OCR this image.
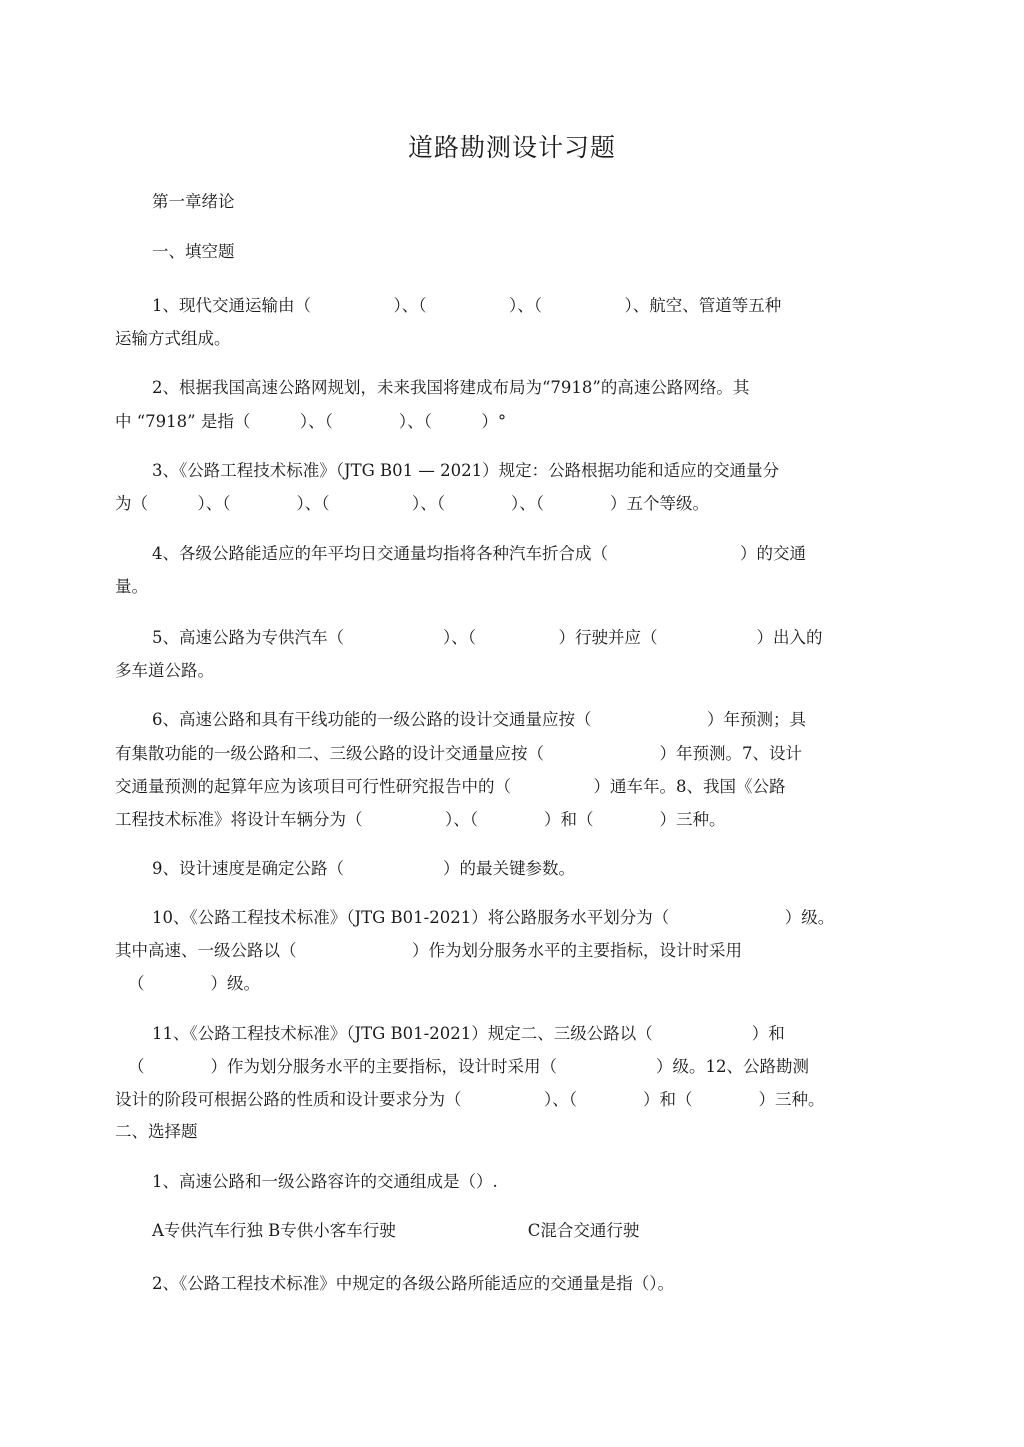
道路勘测设计习题
第一章绪论
一、填空题
1、现代交通运输由（　　　　　）、（　　　　　）、（　　　　　）、航空、管道等五种
运输方式组成。
2、根据我国高速公路网规划，未来我国将建成布局为“7918”的高速公路网络。其
中 “7918” 是指（　　　）、（　　　　）、（　　　）°
3、《公路工程技术标准》（JTG B01 — 2021）规定：公路根据功能和适应的交通量分
为（　　　）、（　　　　）、（　　　　　）、（　　　　）、（　　　　）五个等级。
4、各级公路能适应的年平均日交通量均指将各种汽车折合成（　　　　　　　　）的交通
量。
5、高速公路为专供汽车（　　　　　　）、（　　　　　）行驶并应（　　　　　　）出入的
多车道公路。
6、高速公路和具有干线功能的一级公路的设计交通量应按（　　　　　　　）年预测；具
有集散功能的一级公路和二、三级公路的设计交通量应按（　　　　　　　）年预测。7、设计
交通量预测的起算年应为该项目可行性研究报告中的（　　　　　）通车年。8、我国《公路
工程技术标准》将设计车辆分为（　　　　　）、（　　　　）和（　　　　）三种。
9、设计速度是确定公路（　　　　　　）的最关键参数。
10、《公路工程技术标准》（JTG B01-2021）将公路服务水平划分为（　　　　　　　）级。
其中高速、一级公路以（　　　　　　　）作为划分服务水平的主要指标，设计时采用
（　　　　）级。
11、《公路工程技术标准》（JTG B01-2021）规定二、三级公路以（　　　　　　）和
（　　　　）作为划分服务水平的主要指标，设计时采用（　　　　　　）级。12、公路勘测
设计的阶段可根据公路的性质和设计要求分为（　　　　　）、（　　　　）和（　　　　）三种。
二、选择题
1、高速公路和一级公路容许的交通组成是（）.
A专供汽车行独 B专供小客车行驶　　　　　　　　C混合交通行驶
2、《公路工程技术标准》中规定的各级公路所能适应的交通量是指（）。
